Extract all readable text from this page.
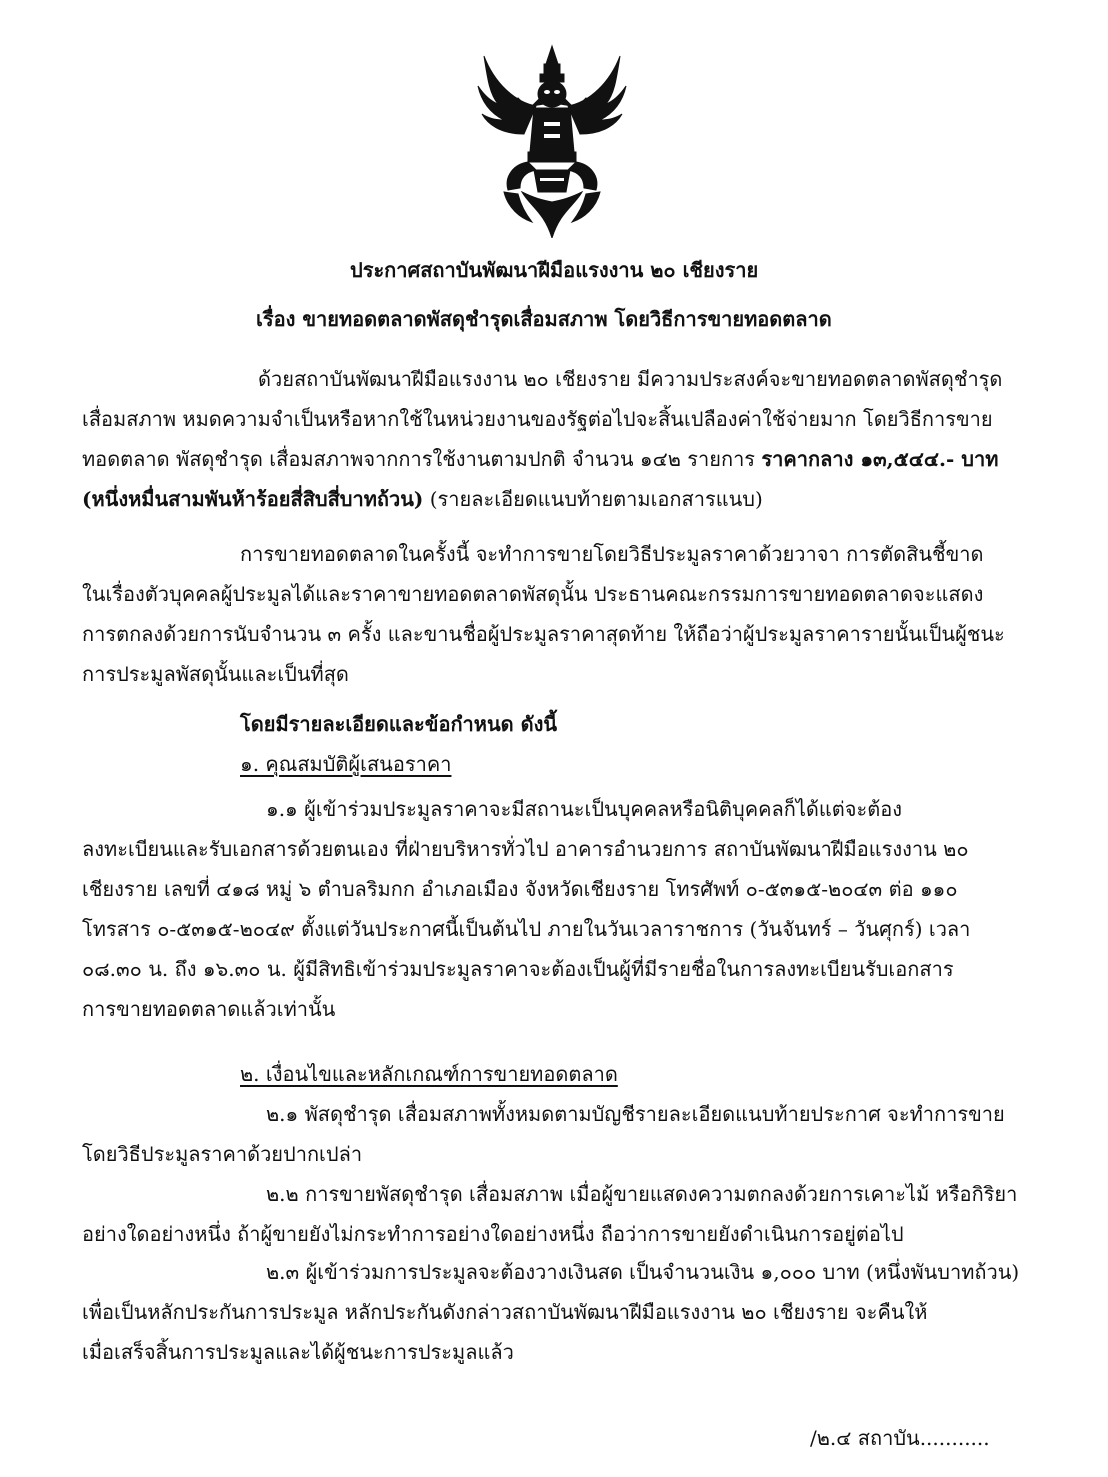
ประกาศสถาบันพัฒนาฝีมือแรงงาน ๒๐ เชียงราย
เรื่อง ขายทอดตลาดพัสดุชำรุดเสื่อมสภาพ โดยวิธีการขายทอดตลาด
ด้วยสถาบันพัฒนาฝีมือแรงงาน ๒๐ เชียงราย มีความประสงค์จะขายทอดตลาดพัสดุชำรุด
เสื่อมสภาพ หมดความจำเป็นหรือหากใช้ในหน่วยงานของรัฐต่อไปจะสิ้นเปลืองค่าใช้จ่ายมาก โดยวิธีการขาย
ทอดตลาด พัสดุชำรุด เสื่อมสภาพจากการใช้งานตามปกติ จำนวน ๑๔๒ รายการ ราคากลาง ๑๓,๕๔๔.- บาท
(หนึ่งหมื่นสามพันห้าร้อยสี่สิบสี่บาทถ้วน) (รายละเอียดแนบท้ายตามเอกสารแนบ)
การขายทอดตลาดในครั้งนี้ จะทำการขายโดยวิธีประมูลราคาด้วยวาจา การตัดสินชี้ขาด
ในเรื่องตัวบุคคลผู้ประมูลได้และราคาขายทอดตลาดพัสดุนั้น ประธานคณะกรรมการขายทอดตลาดจะแสดง
การตกลงด้วยการนับจำนวน ๓ ครั้ง และขานชื่อผู้ประมูลราคาสุดท้าย ให้ถือว่าผู้ประมูลราคารายนั้นเป็นผู้ชนะ
การประมูลพัสดุนั้นและเป็นที่สุด
โดยมีรายละเอียดและข้อกำหนด ดังนี้
๑. คุณสมบัติผู้เสนอราคา
๑.๑ ผู้เข้าร่วมประมูลราคาจะมีสถานะเป็นบุคคลหรือนิติบุคคลก็ได้แต่จะต้อง
ลงทะเบียนและรับเอกสารด้วยตนเอง ที่ฝ่ายบริหารทั่วไป อาคารอำนวยการ สถาบันพัฒนาฝีมือแรงงาน ๒๐
เชียงราย เลขที่ ๔๑๘ หมู่ ๖ ตำบลริมกก อำเภอเมือง จังหวัดเชียงราย โทรศัพท์ ๐-๕๓๑๕-๒๐๔๓ ต่อ ๑๑๐
โทรสาร ๐-๕๓๑๕-๒๐๔๙ ตั้งแต่วันประกาศนี้เป็นต้นไป ภายในวันเวลาราชการ (วันจันทร์ – วันศุกร์) เวลา
๐๘.๓๐ น. ถึง ๑๖.๓๐ น. ผู้มีสิทธิเข้าร่วมประมูลราคาจะต้องเป็นผู้ที่มีรายชื่อในการลงทะเบียนรับเอกสาร
การขายทอดตลาดแล้วเท่านั้น
๒. เงื่อนไขและหลักเกณฑ์การขายทอดตลาด
๒.๑ พัสดุชำรุด เสื่อมสภาพทั้งหมดตามบัญชีรายละเอียดแนบท้ายประกาศ จะทำการขาย
โดยวิธีประมูลราคาด้วยปากเปล่า
๒.๒ การขายพัสดุชำรุด เสื่อมสภาพ เมื่อผู้ขายแสดงความตกลงด้วยการเคาะไม้ หรือกิริยา
อย่างใดอย่างหนึ่ง ถ้าผู้ขายยังไม่กระทำการอย่างใดอย่างหนึ่ง ถือว่าการขายยังดำเนินการอยู่ต่อไป
๒.๓ ผู้เข้าร่วมการประมูลจะต้องวางเงินสด เป็นจำนวนเงิน ๑,๐๐๐ บาท (หนึ่งพันบาทถ้วน)
เพื่อเป็นหลักประกันการประมูล หลักประกันดังกล่าวสถาบันพัฒนาฝีมือแรงงาน ๒๐ เชียงราย จะคืนให้
เมื่อเสร็จสิ้นการประมูลและได้ผู้ชนะการประมูลแล้ว
/๒.๔ สถาบัน...........
